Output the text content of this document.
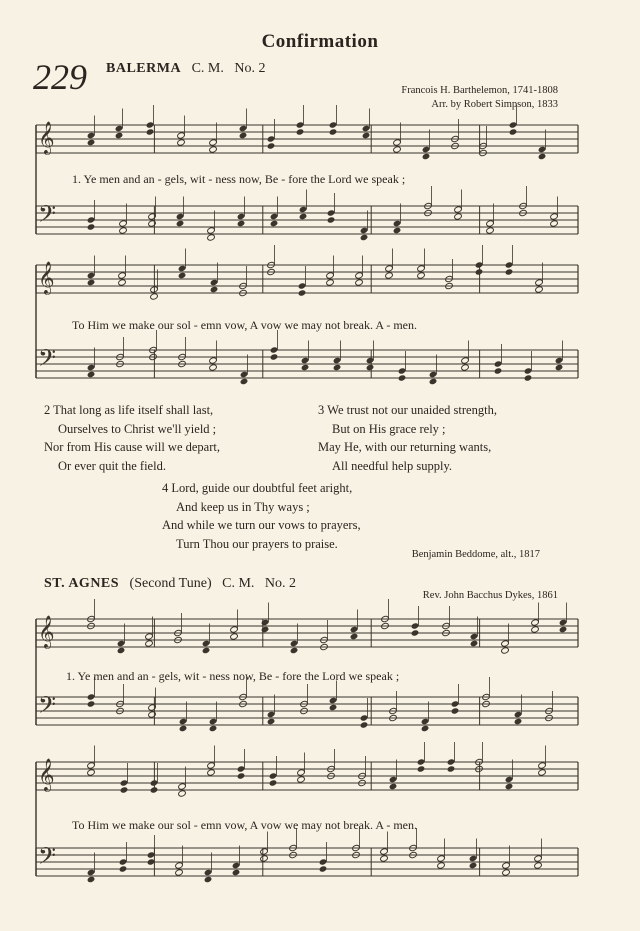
Confirmation
229 BALERMA C. M. No. 2
Francois H. Barthelemon, 1741-1808
Arr. by Robert Simpson, 1833
𝄞
𝄢
𝄞
𝄢
𝄞
𝄢
𝄞
𝄢
1. Ye men and an - gels, wit - ness now, Be - fore the Lord we speak ;
To Him we make our sol - emn vow, A vow we may not break. A - men.
2 That long as life itself shall last,
Ourselves to Christ we'll yield ;
Nor from His cause will we depart,
Or ever quit the field.
3 We trust not our unaided strength,
But on His grace rely ;
May He, with our returning wants,
All needful help supply.
4 Lord, guide our doubtful feet aright,
And keep us in Thy ways ;
And while we turn our vows to prayers,
Turn Thou our prayers to praise.
Benjamin Beddome, alt., 1817
ST. AGNES (Second Tune) C. M. No. 2
Rev. John Bacchus Dykes, 1861
1. Ye men and an - gels, wit - ness now, Be - fore the Lord we speak ;
To Him we make our sol - emn vow, A vow we may not break. A - men.
